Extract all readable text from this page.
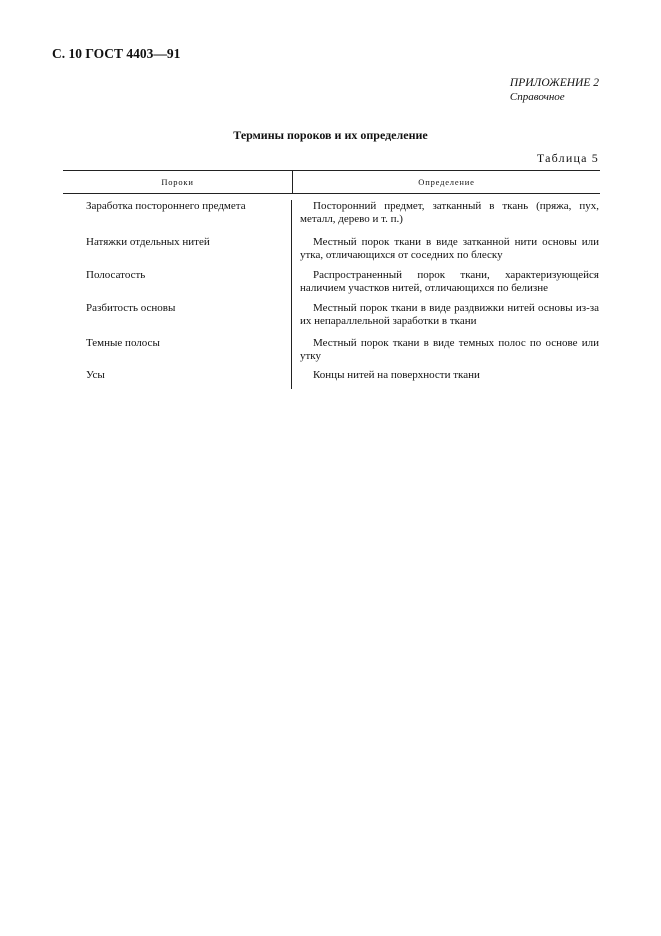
С. 10 ГОСТ 4403—91
ПРИЛОЖЕНИЕ 2
Справочное
Термины пороков и их определение
Таблица 5
Пороки	Определение
Заработка постороннего предмета	Посторонний предмет, затканный в ткань (пряжа, пух, металл, дерево и т. п.)
Натяжки отдельных нитей	Местный порок ткани в виде затканной нити основы или утка, отличающихся от соседних по блеску
Полосатость	Распространенный порок ткани, характеризующейся наличием участков нитей, отличающихся по белизне
Разбитость основы	Местный порок ткани в виде раздвижки нитей основы из-за их непараллельной заработки в ткани
Темные полосы	Местный порок ткани в виде темных полос по основе или утку
Усы	Концы нитей на поверхности ткани
